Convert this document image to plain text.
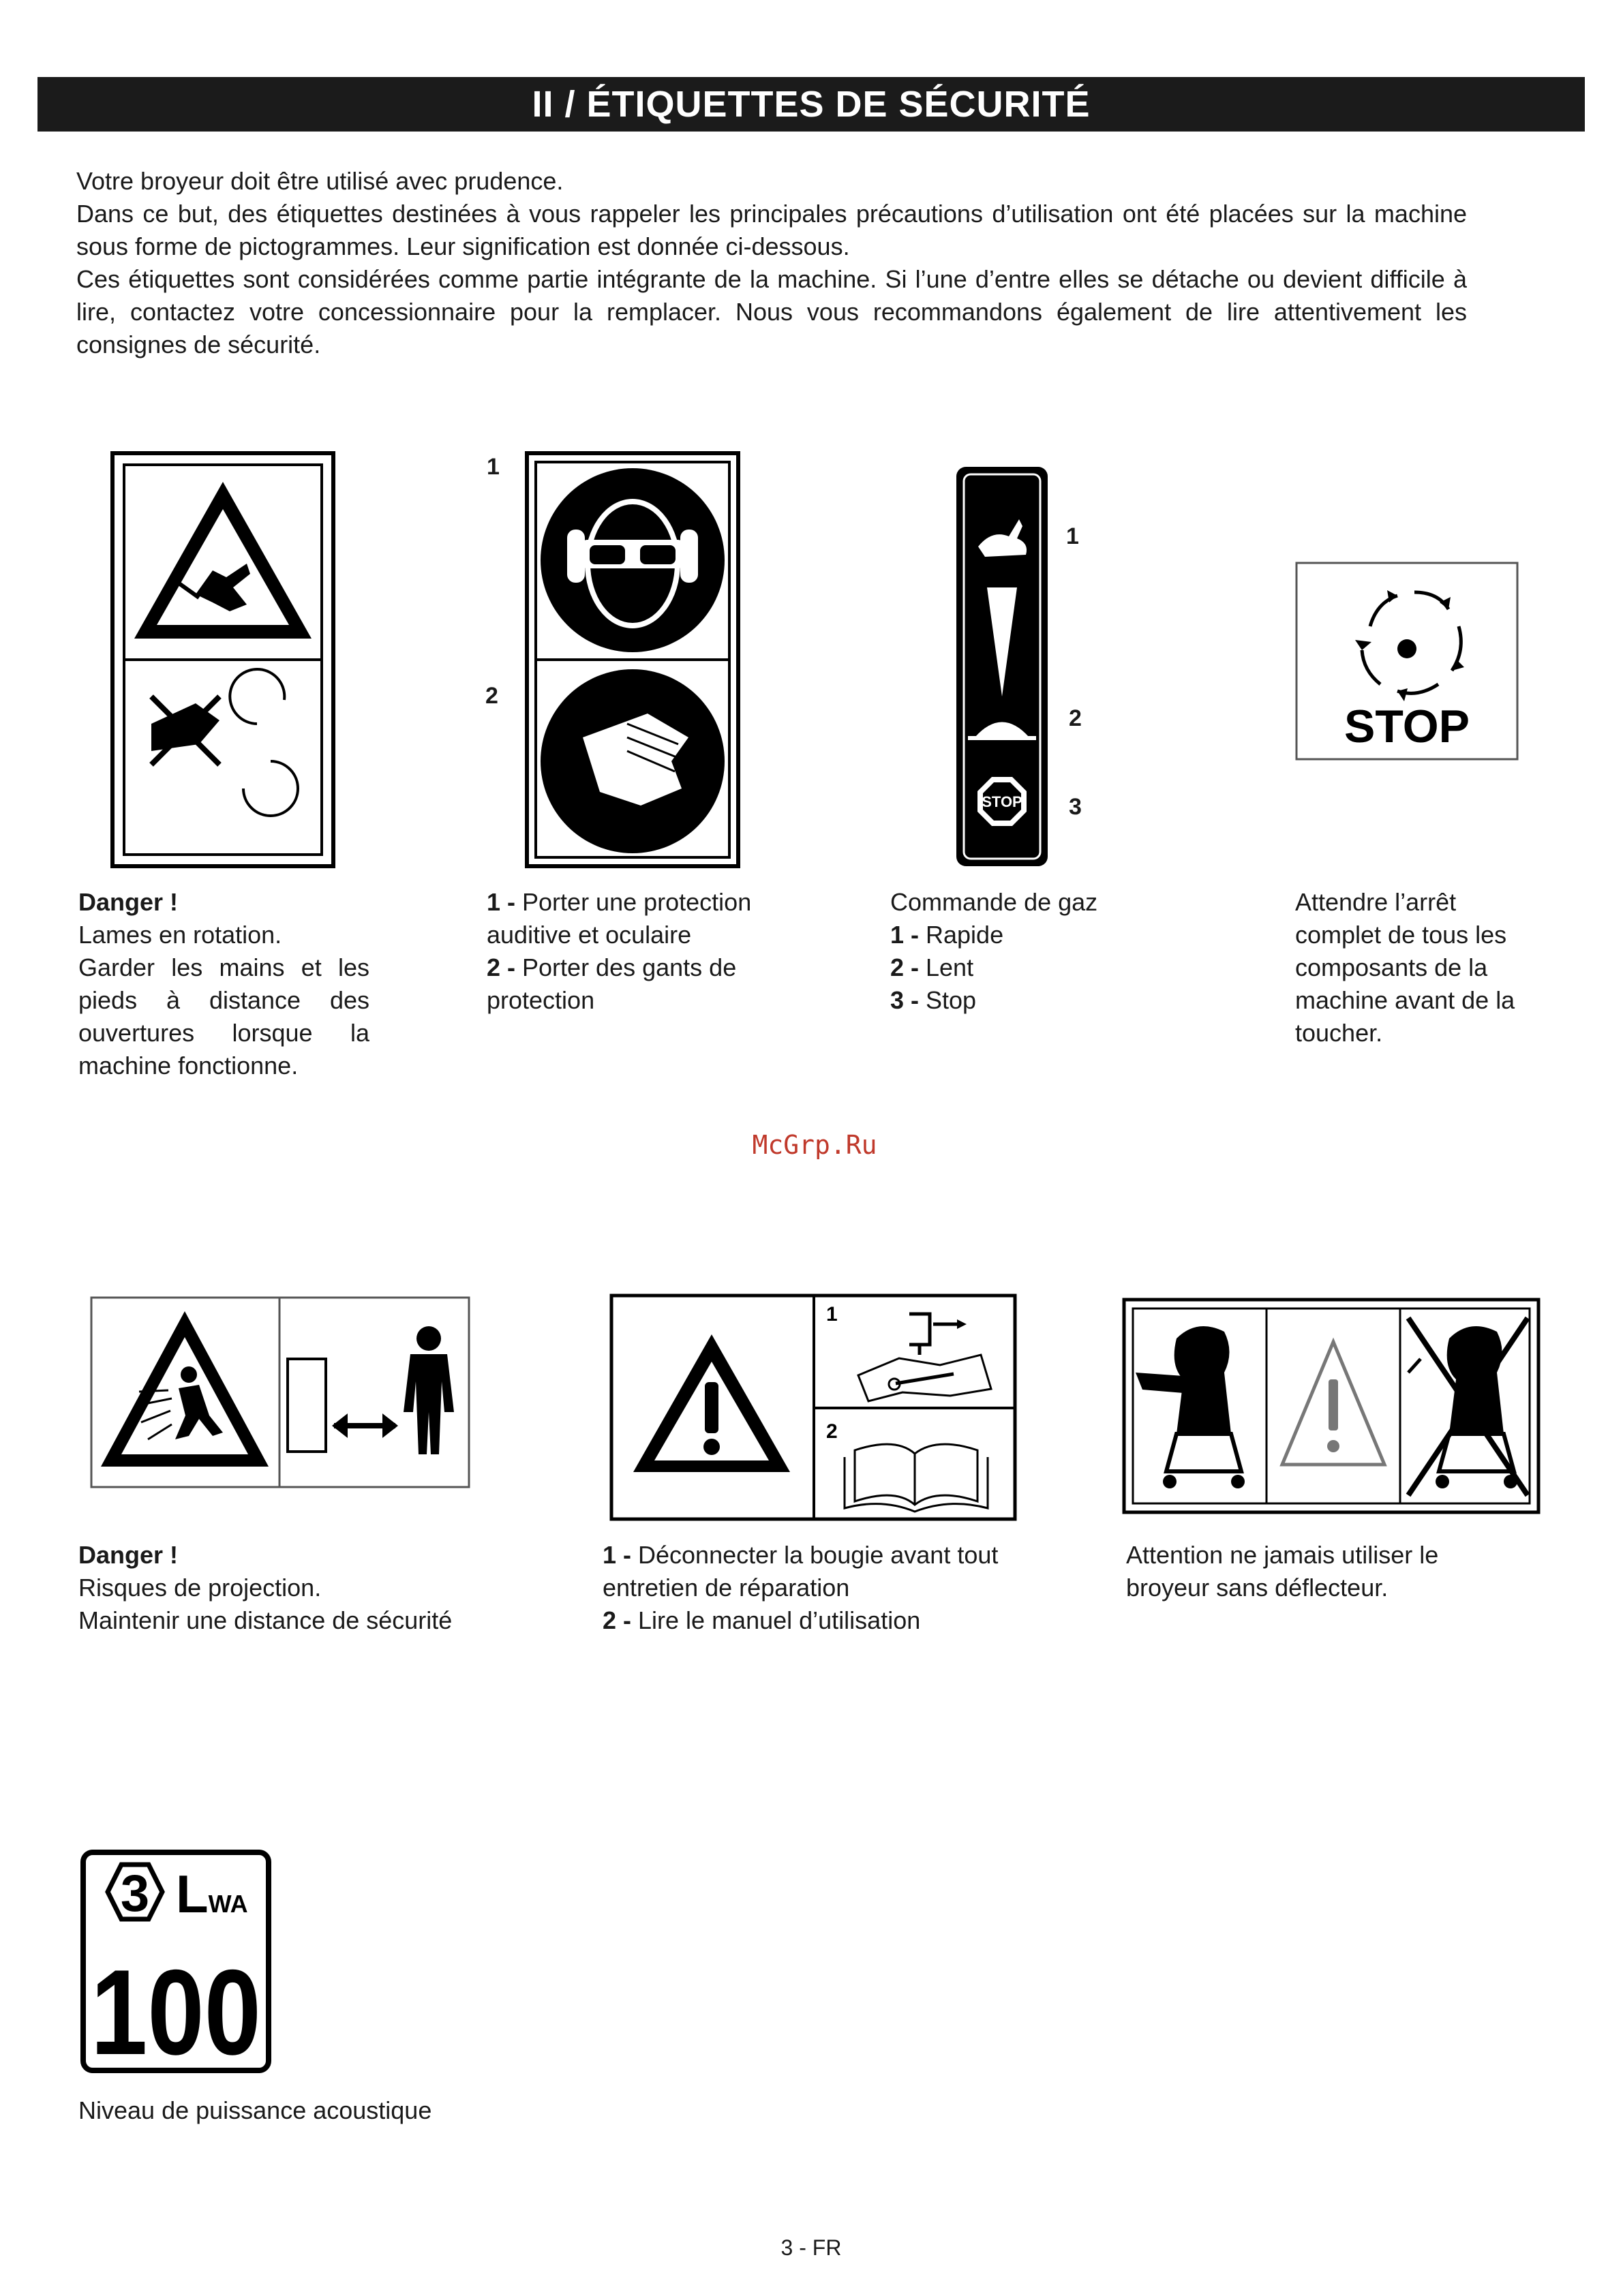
II / ÉTIQUETTES DE SÉCURITÉ

Votre broyeur doit être utilisé avec prudence.

Dans ce but, des étiquettes destinées à vous rappeler les principales précautions d’utilisation ont été placées sur la machine sous forme de pictogrammes. Leur signification est donnée ci-dessous.

Ces étiquettes sont considérées comme partie intégrante de la machine. Si l’une d’entre elles se détache ou devient difficile à lire, contactez votre concessionnaire pour la remplacer. Nous vous recommandons également de lire attentivement les consignes de sécurité.

Danger !

Lames en rotation.

Garder les mains et les pieds à distance des ouvertures lorsque la machine fonctionne.

1
2

1 - Porter une protection auditive et oculaire

2 - Porter des gants de protection

STOP
1
2
3

Commande de gaz

1 - Rapide

2 - Lent

3 - Stop

STOP

Attendre l’arrêt complet de tous les composants de la machine avant de la toucher.

McGrp.Ru

Danger !

Risques de projection.

Maintenir une distance de sécurité

1
2

1 - Déconnecter la bougie avant tout entretien de réparation

2 - Lire le manuel d’utilisation

Attention ne jamais utiliser le broyeur sans déflecteur.

3 LWA
100

Niveau de puissance acoustique

3 - FR
